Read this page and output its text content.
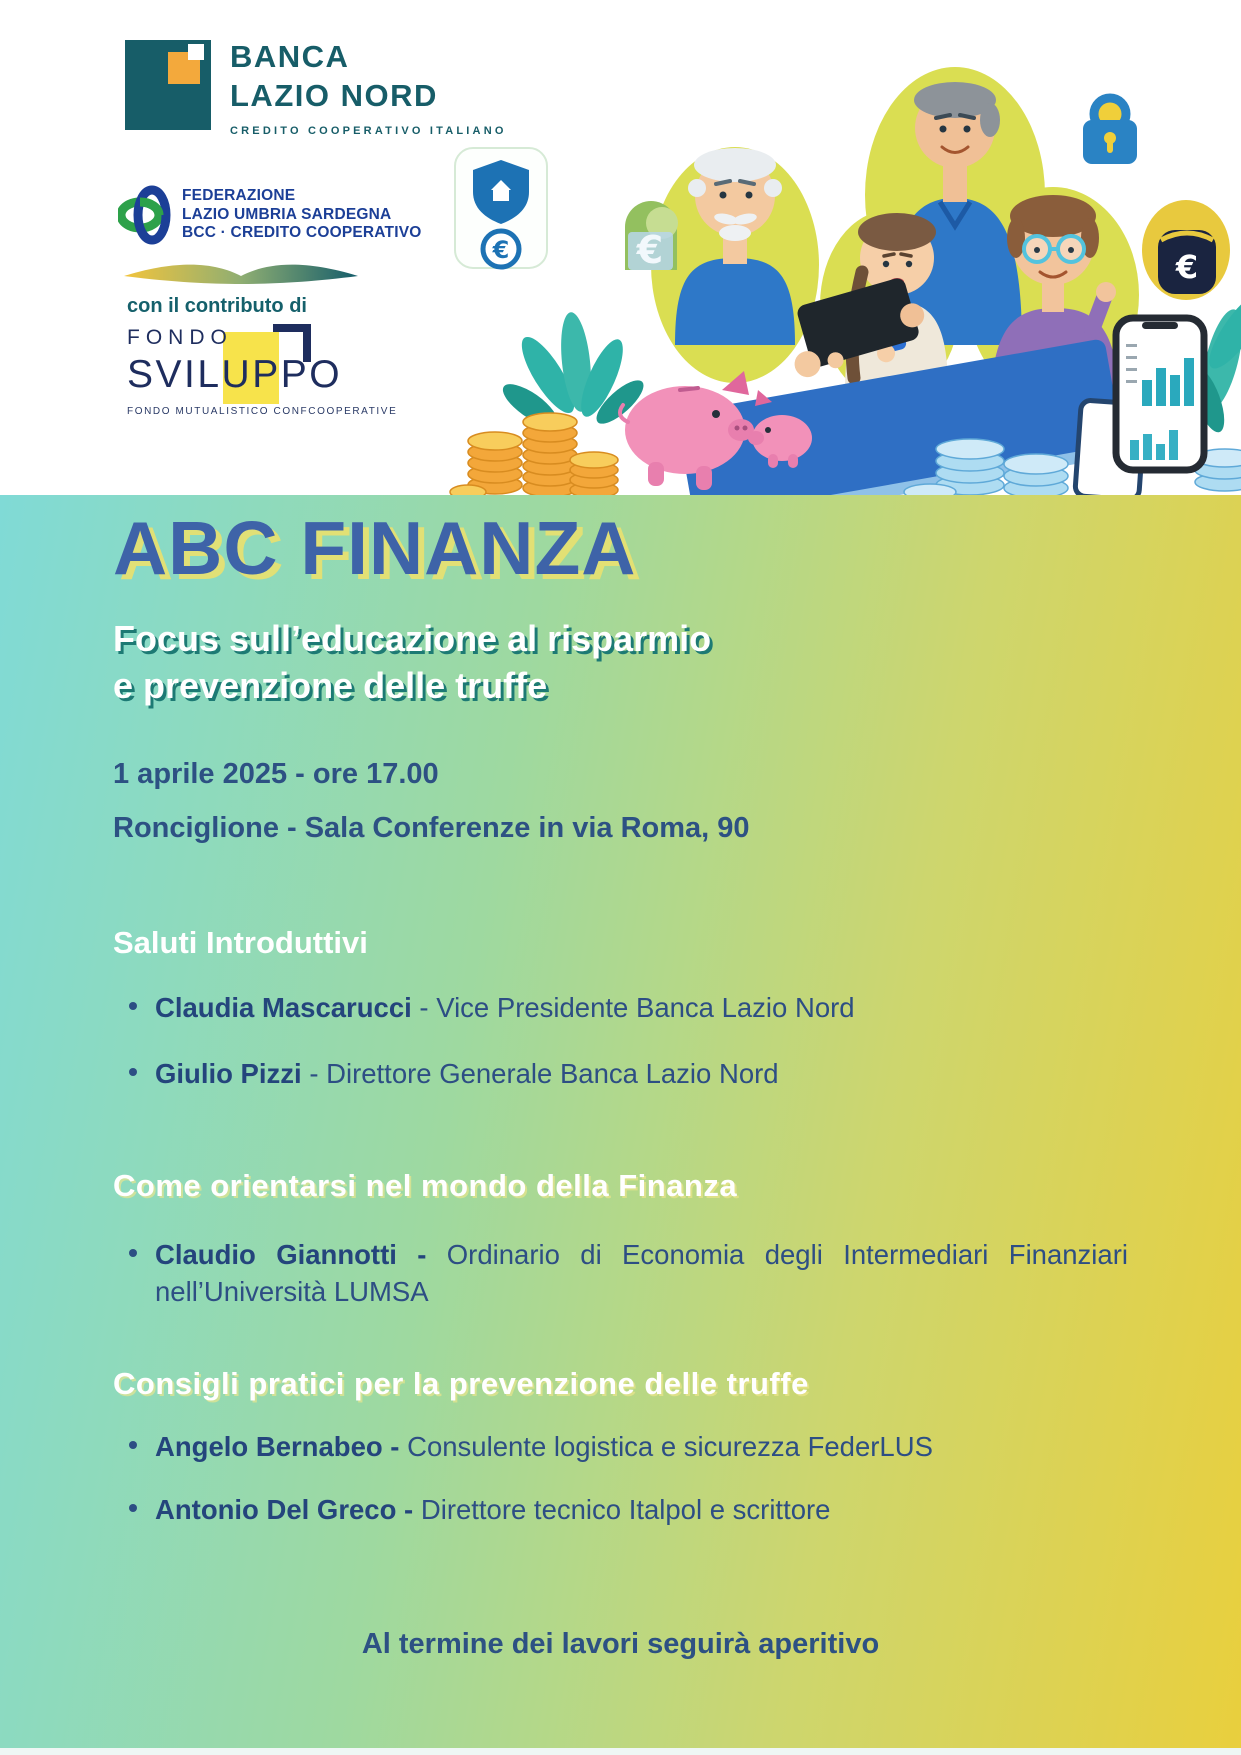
BANCA
LAZIO NORD
CREDITO COOPERATIVO ITALIANO
FEDERAZIONE
LAZIO UMBRIA SARDEGNA
BCC · CREDITO COOPERATIVO
con il contributo di
FONDO
SVILUPPO
FONDO MUTUALISTICO CONFCOOPERATIVE
€	€	€
ABC FINANZA
Focus sull’educazione al risparmio
e prevenzione delle truffe
1 aprile 2025 - ore 17.00
Ronciglione - Sala Conferenze in via Roma, 90
Saluti Introduttivi
Claudia Mascarucci - Vice Presidente Banca Lazio Nord
Giulio Pizzi - Direttore Generale Banca Lazio Nord
Come orientarsi nel mondo della Finanza
Claudio Giannotti - Ordinario di Economia degli Intermediari Finanziari nell’Università LUMSA
Consigli pratici per la prevenzione delle truffe
Angelo Bernabeo - Consulente logistica e sicurezza FederLUS
Antonio Del Greco - Direttore tecnico Italpol e scrittore
Al termine dei lavori seguirà aperitivo
